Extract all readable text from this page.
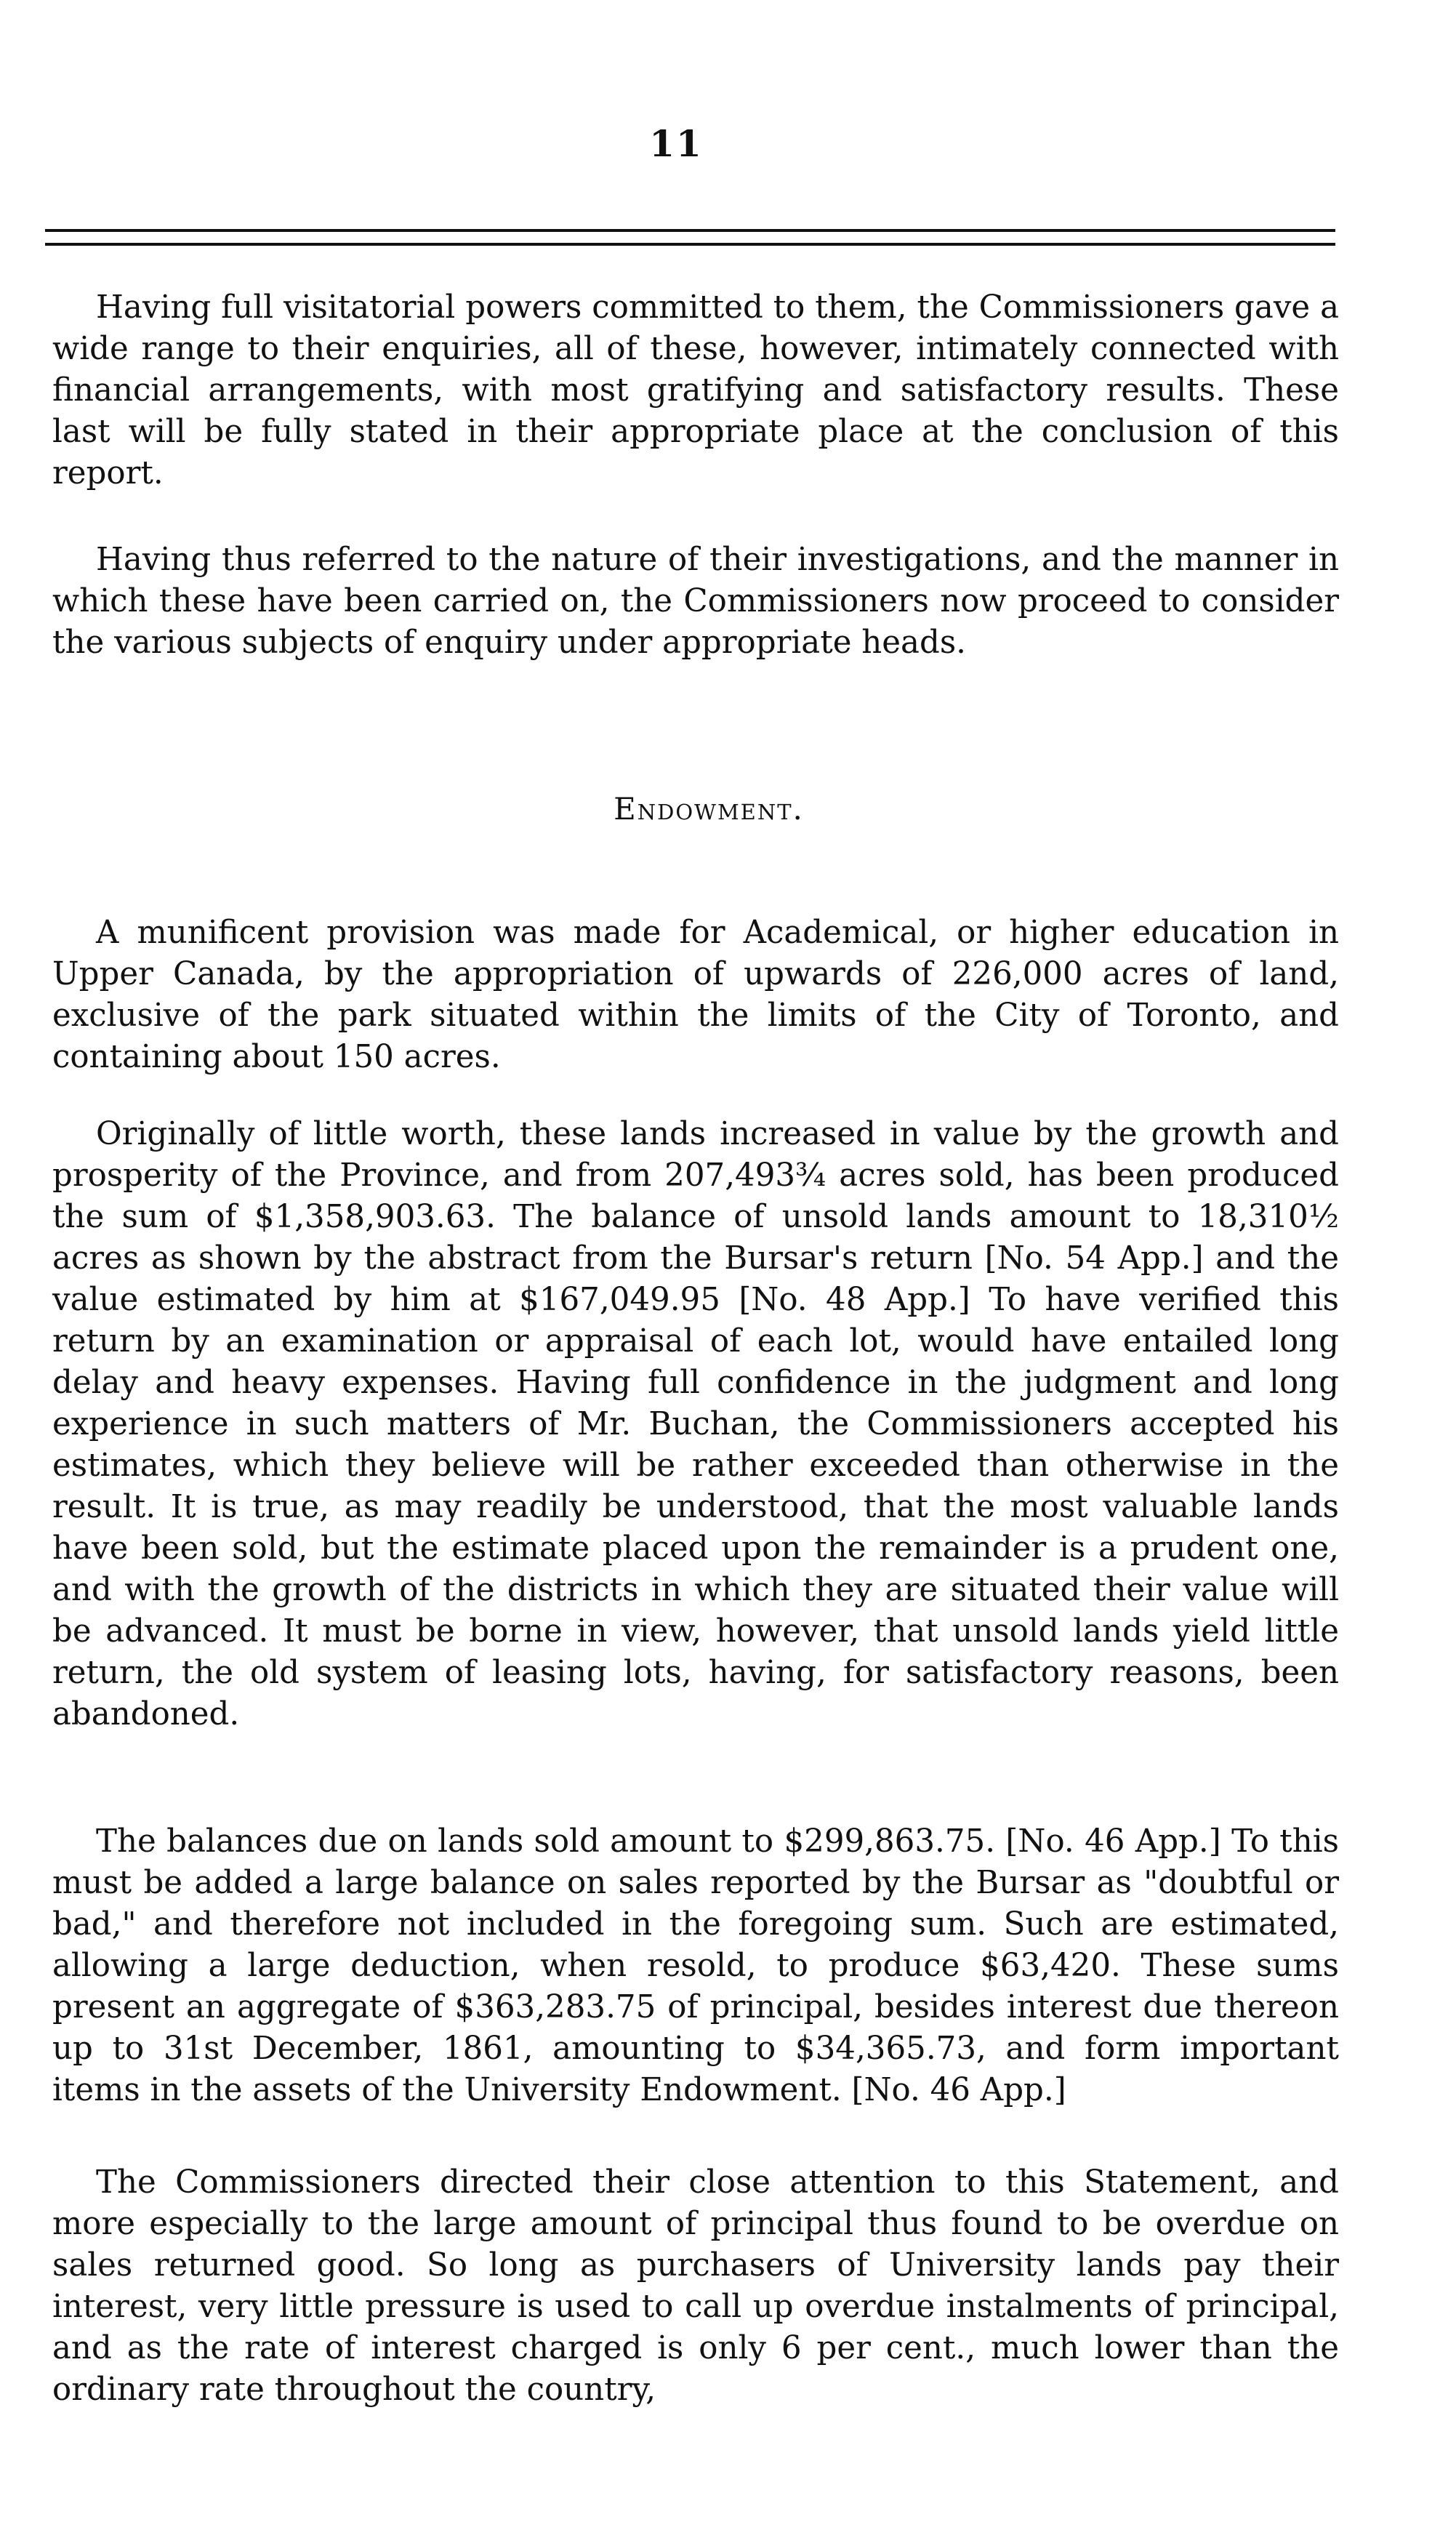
11

Having full visitatorial powers committed to them, the Commissioners gave a wide range to their enquiries, all of these, however, intimately connected with financial arrangements, with most gratifying and satisfactory results. These last will be fully stated in their appropriate place at the conclusion of this report.

Having thus referred to the nature of their investigations, and the manner in which these have been carried on, the Commissioners now proceed to consider the various subjects of enquiry under appropriate heads.

Endowment.

A munificent provision was made for Academical, or higher education in Upper Canada, by the appropriation of upwards of 226,000 acres of land, exclusive of the park situated within the limits of the City of Toronto, and containing about 150 acres.

Originally of little worth, these lands increased in value by the growth and prosperity of the Province, and from 207,493¾ acres sold, has been produced the sum of $1,358,903.63. The balance of unsold lands amount to 18,310½ acres as shown by the abstract from the Bursar's return [No. 54 App.] and the value estimated by him at $167,049.95 [No. 48 App.] To have verified this return by an examination or appraisal of each lot, would have entailed long delay and heavy expenses. Having full confidence in the judgment and long experience in such matters of Mr. Buchan, the Commissioners accepted his estimates, which they believe will be rather exceeded than otherwise in the result. It is true, as may readily be understood, that the most valuable lands have been sold, but the estimate placed upon the remainder is a prudent one, and with the growth of the districts in which they are situated their value will be advanced. It must be borne in view, however, that unsold lands yield little return, the old system of leasing lots, having, for satisfactory reasons, been abandoned.

The balances due on lands sold amount to $299,863.75. [No. 46 App.] To this must be added a large balance on sales reported by the Bursar as "doubtful or bad," and therefore not included in the foregoing sum. Such are estimated, allowing a large deduction, when resold, to produce $63,420. These sums present an aggregate of $363,283.75 of principal, besides interest due thereon up to 31st December, 1861, amounting to $34,365.73, and form important items in the assets of the University Endowment. [No. 46 App.]

The Commissioners directed their close attention to this Statement, and more especially to the large amount of principal thus found to be overdue on sales returned good. So long as purchasers of University lands pay their interest, very little pressure is used to call up overdue instalments of principal, and as the rate of interest charged is only 6 per cent., much lower than the ordinary rate throughout the country,
